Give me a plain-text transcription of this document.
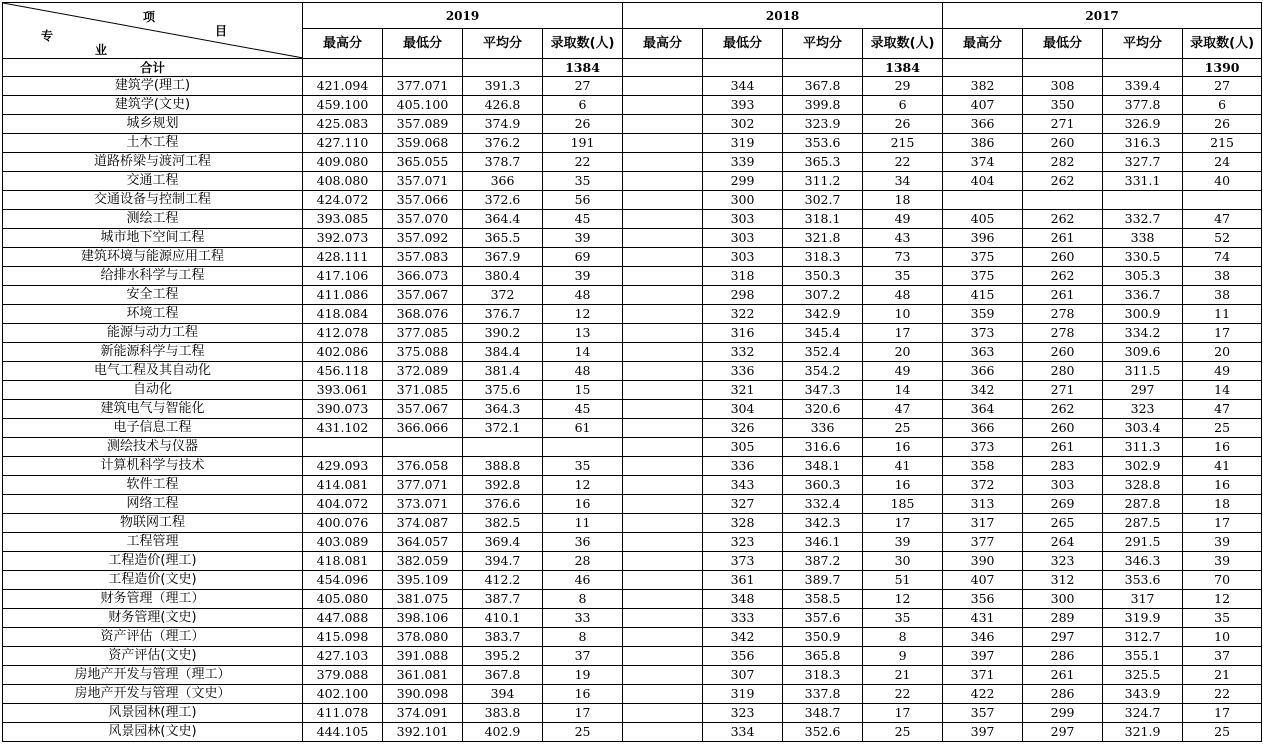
项
目
专
业	2019				2018				2017			
	最高分	最低分	平均分	录取数(人)	最高分	最低分	平均分	录取数(人)	最高分	最低分	平均分	录取数(人)
合计				1384				1384				1390
建筑学(理工)	421.094	377.071	391.3	27		344	367.8	29	382	308	339.4	27
建筑学(文史)	459.100	405.100	426.8	6		393	399.8	6	407	350	377.8	6
城乡规划	425.083	357.089	374.9	26		302	323.9	26	366	271	326.9	26
土木工程	427.110	359.068	376.2	191		319	353.6	215	386	260	316.3	215
道路桥梁与渡河工程	409.080	365.055	378.7	22		339	365.3	22	374	282	327.7	24
交通工程	408.080	357.071	366	35		299	311.2	34	404	262	331.1	40
交通设备与控制工程	424.072	357.066	372.6	56		300	302.7	18				
测绘工程	393.085	357.070	364.4	45		303	318.1	49	405	262	332.7	47
城市地下空间工程	392.073	357.092	365.5	39		303	321.8	43	396	261	338	52
建筑环境与能源应用工程	428.111	357.083	367.9	69		303	318.3	73	375	260	330.5	74
给排水科学与工程	417.106	366.073	380.4	39		318	350.3	35	375	262	305.3	38
安全工程	411.086	357.067	372	48		298	307.2	48	415	261	336.7	38
环境工程	418.084	368.076	376.7	12		322	342.9	10	359	278	300.9	11
能源与动力工程	412.078	377.085	390.2	13		316	345.4	17	373	278	334.2	17
新能源科学与工程	402.086	375.088	384.4	14		332	352.4	20	363	260	309.6	20
电气工程及其自动化	456.118	372.089	381.4	48		336	354.2	49	366	280	311.5	49
自动化	393.061	371.085	375.6	15		321	347.3	14	342	271	297	14
建筑电气与智能化	390.073	357.067	364.3	45		304	320.6	47	364	262	323	47
电子信息工程	431.102	366.066	372.1	61		326	336	25	366	260	303.4	25
测绘技术与仪器						305	316.6	16	373	261	311.3	16
计算机科学与技术	429.093	376.058	388.8	35		336	348.1	41	358	283	302.9	41
软件工程	414.081	377.071	392.8	12		343	360.3	16	372	303	328.8	16
网络工程	404.072	373.071	376.6	16		327	332.4	185	313	269	287.8	18
物联网工程	400.076	374.087	382.5	11		328	342.3	17	317	265	287.5	17
工程管理	403.089	364.057	369.4	36		323	346.1	39	377	264	291.5	39
工程造价(理工)	418.081	382.059	394.7	28		373	387.2	30	390	323	346.3	39
工程造价(文史)	454.096	395.109	412.2	46		361	389.7	51	407	312	353.6	70
财务管理（理工）	405.080	381.075	387.7	8		348	358.5	12	356	300	317	12
财务管理(文史)	447.088	398.106	410.1	33		333	357.6	35	431	289	319.9	35
资产评估（理工）	415.098	378.080	383.7	8		342	350.9	8	346	297	312.7	10
资产评估(文史)	427.103	391.088	395.2	37		356	365.8	9	397	286	355.1	37
房地产开发与管理（理工）	379.088	361.081	367.8	19		307	318.3	21	371	261	325.5	21
房地产开发与管理（文史）	402.100	390.098	394	16		319	337.8	22	422	286	343.9	22
风景园林(理工)	411.078	374.091	383.8	17		323	348.7	17	357	299	324.7	17
风景园林(文史)	444.105	392.101	402.9	25		334	352.6	25	397	297	321.9	25
